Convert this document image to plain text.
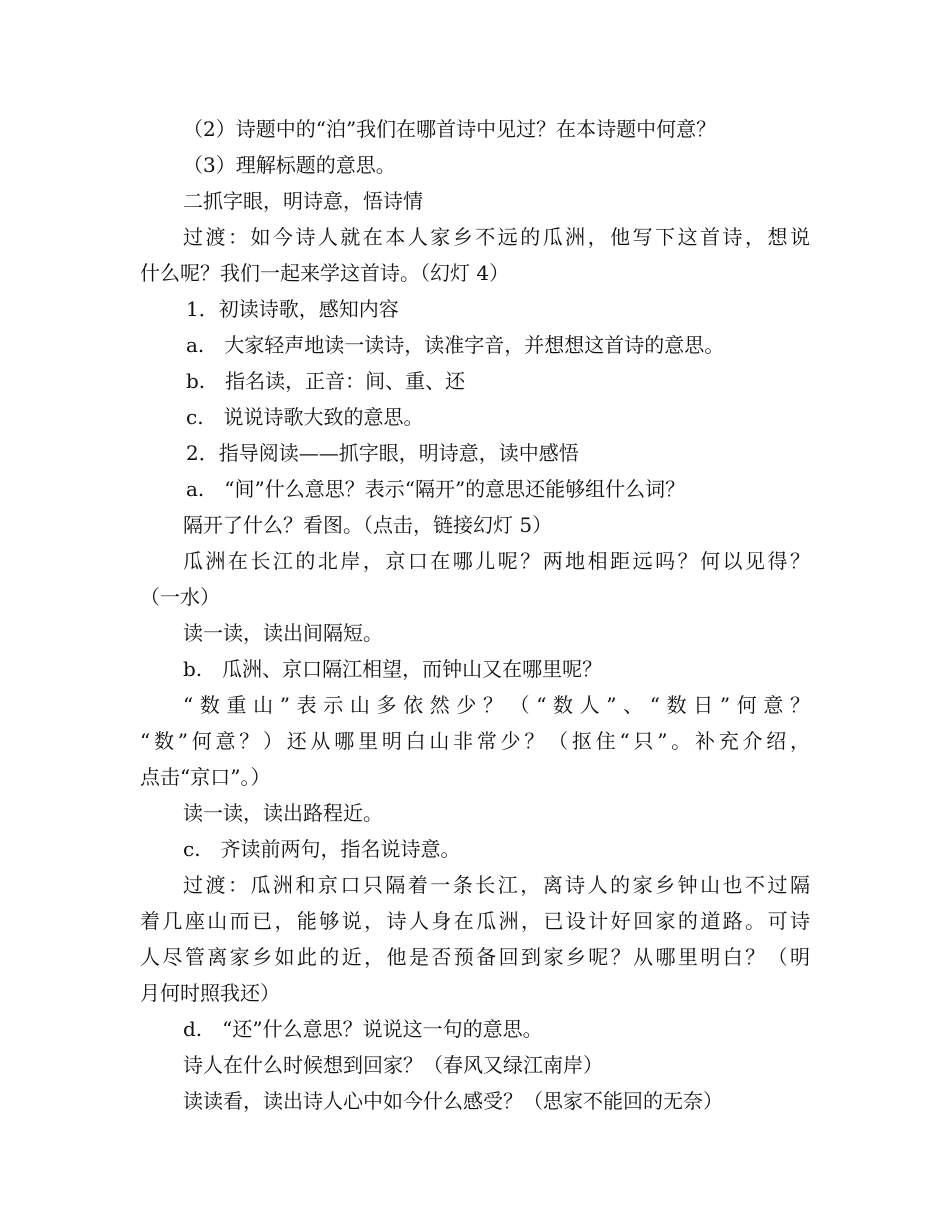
（2）诗题中的“泊”我们在哪首诗中见过？在本诗题中何意？
（3）理解标题的意思。
二抓字眼，明诗意，悟诗情
过渡：如今诗人就在本人家乡不远的瓜洲，他写下这首诗，想说
什么呢？我们一起来学这首诗。（幻灯 4）
1．初读诗歌，感知内容
a.　大家轻声地读一读诗，读准字音，并想想这首诗的意思。
b.　指名读，正音：间、重、还
c.　说说诗歌大致的意思。
2．指导阅读——抓字眼，明诗意，读中感悟
a.　“间”什么意思？表示“隔开”的意思还能够组什么词？
隔开了什么？看图。（点击，链接幻灯 5）
瓜洲在长江的北岸，京口在哪儿呢？两地相距远吗？何以见得？
（一水）
读一读，读出间隔短。
b.　瓜洲、京口隔江相望，而钟山又在哪里呢？
“数重山”表示山多依然少？（“数人”、“数日”何意？
“数”何意？）还从哪里明白山非常少？（抠住“只”。补充介绍，
点击“京口”。）
读一读，读出路程近。
c.　齐读前两句，指名说诗意。
过渡：瓜洲和京口只隔着一条长江，离诗人的家乡钟山也不过隔
着几座山而已，能够说，诗人身在瓜洲，已设计好回家的道路。可诗
人尽管离家乡如此的近，他是否预备回到家乡呢？从哪里明白？（明
月何时照我还）
d.　“还”什么意思？说说这一句的意思。
诗人在什么时候想到回家？（春风又绿江南岸）
读读看，读出诗人心中如今什么感受？（思家不能回的无奈）
